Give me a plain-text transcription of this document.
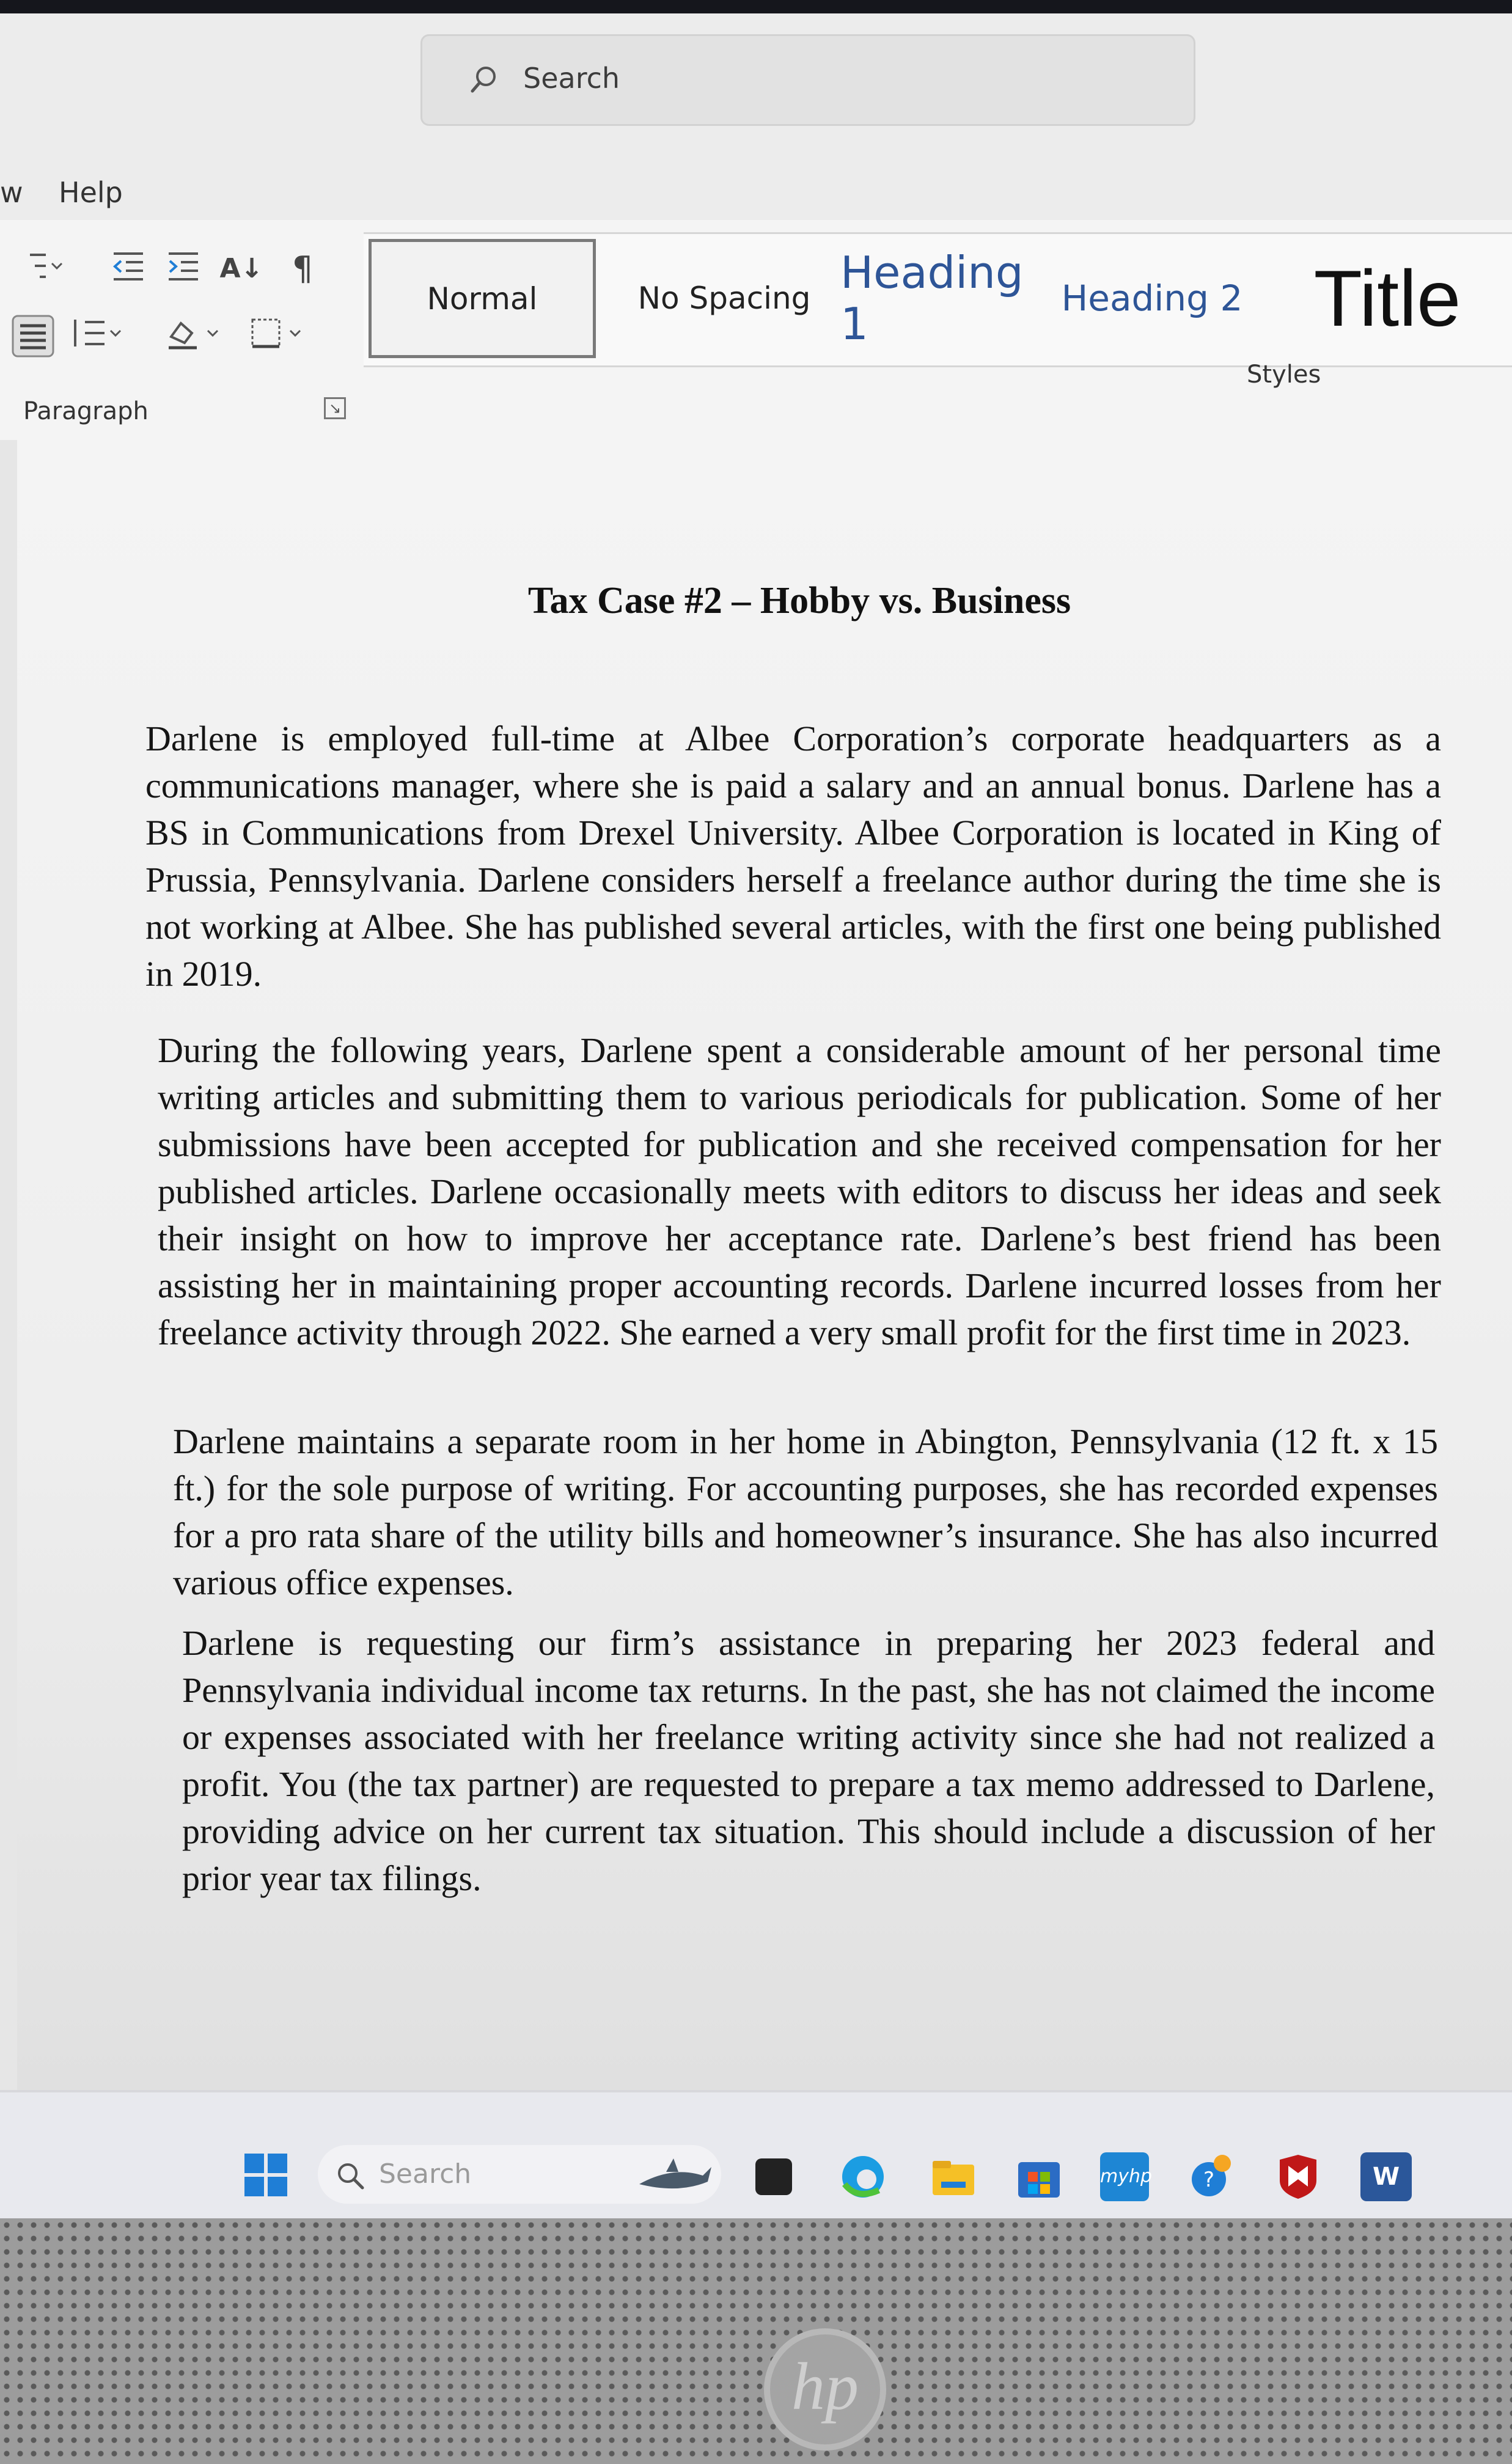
Search
w Help
A↓ ¶
Paragraph	↘
Normal	No Spacing Heading 1	Heading 2 Title
Styles
Tax Case #2 – Hobby vs. Business
Darlene is employed full-time at Albee Corporation’s corporate headquarters as a communications manager, where she is paid a salary and an annual bonus. Darlene has a BS in Communications from Drexel University. Albee Corporation is located in King of Prussia, Pennsylvania. Darlene considers herself a freelance author during the time she is not working at Albee. She has published several articles, with the first one being published in 2019.
During the following years, Darlene spent a considerable amount of her personal time writing articles and submitting them to various periodicals for publication. Some of her submissions have been accepted for publication and she received compensation for her published articles. Darlene occasionally meets with editors to discuss her ideas and seek their insight on how to improve her acceptance rate. Darlene’s best friend has been assisting her in maintaining proper accounting records. Darlene incurred losses from her freelance activity through 2022. She earned a very small profit for the first time in 2023.
Darlene maintains a separate room in her home in Abington, Pennsylvania (12 ft. x 15 ft.) for the sole purpose of writing. For accounting purposes, she has recorded expenses for a pro rata share of the utility bills and homeowner’s insurance. She has also incurred various office expenses.
Darlene is requesting our firm’s assistance in preparing her 2023 federal and Pennsylvania individual income tax returns. In the past, she has not claimed the income or expenses associated with her freelance writing activity since she had not realized a profit. You (the tax partner) are requested to prepare a tax memo addressed to Darlene, providing advice on her current tax situation. This should include a discussion of her prior year tax filings.
Search	myhp ?	W
hp
